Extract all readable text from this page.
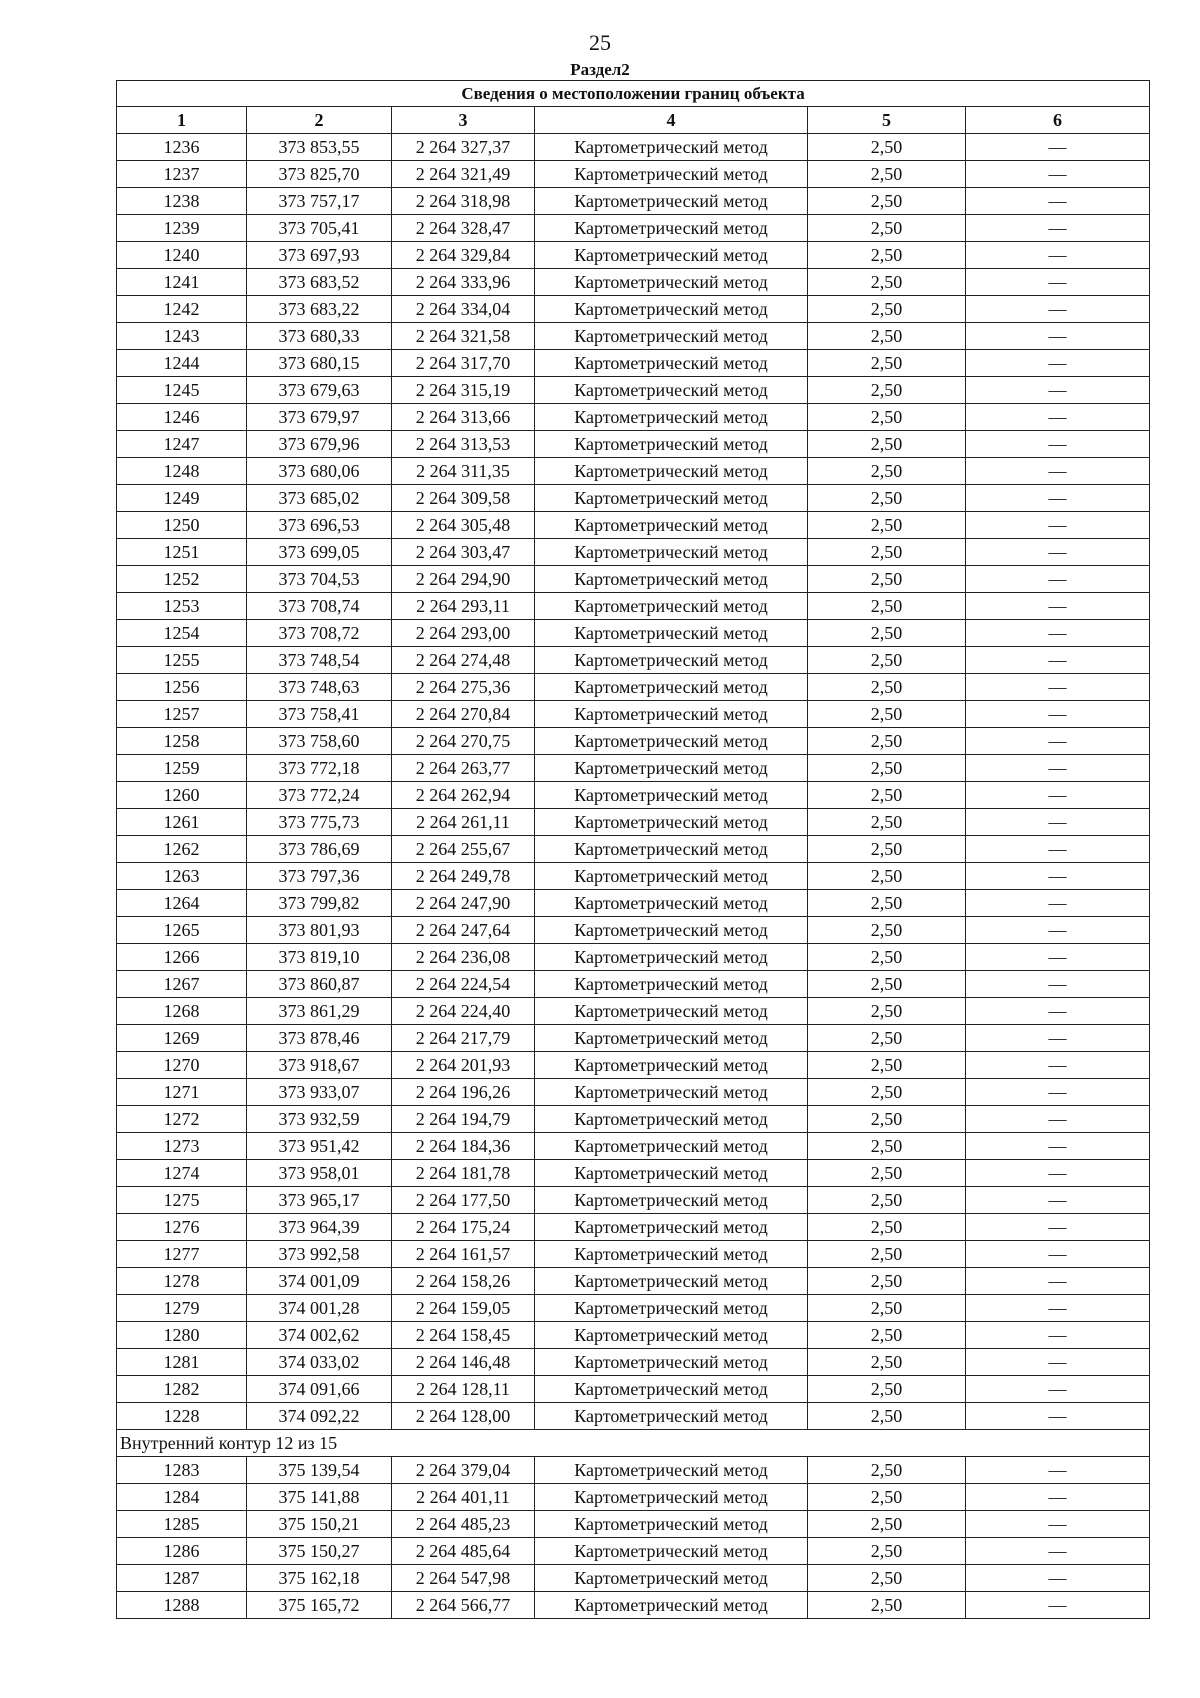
25
Раздел2
Сведения о местоположении границ объекта					
1	2	3	4	5	6
1236	373 853,55	2 264 327,37	Картометрический метод	2,50	—
1237	373 825,70	2 264 321,49	Картометрический метод	2,50	—
1238	373 757,17	2 264 318,98	Картометрический метод	2,50	—
1239	373 705,41	2 264 328,47	Картометрический метод	2,50	—
1240	373 697,93	2 264 329,84	Картометрический метод	2,50	—
1241	373 683,52	2 264 333,96	Картометрический метод	2,50	—
1242	373 683,22	2 264 334,04	Картометрический метод	2,50	—
1243	373 680,33	2 264 321,58	Картометрический метод	2,50	—
1244	373 680,15	2 264 317,70	Картометрический метод	2,50	—
1245	373 679,63	2 264 315,19	Картометрический метод	2,50	—
1246	373 679,97	2 264 313,66	Картометрический метод	2,50	—
1247	373 679,96	2 264 313,53	Картометрический метод	2,50	—
1248	373 680,06	2 264 311,35	Картометрический метод	2,50	—
1249	373 685,02	2 264 309,58	Картометрический метод	2,50	—
1250	373 696,53	2 264 305,48	Картометрический метод	2,50	—
1251	373 699,05	2 264 303,47	Картометрический метод	2,50	—
1252	373 704,53	2 264 294,90	Картометрический метод	2,50	—
1253	373 708,74	2 264 293,11	Картометрический метод	2,50	—
1254	373 708,72	2 264 293,00	Картометрический метод	2,50	—
1255	373 748,54	2 264 274,48	Картометрический метод	2,50	—
1256	373 748,63	2 264 275,36	Картометрический метод	2,50	—
1257	373 758,41	2 264 270,84	Картометрический метод	2,50	—
1258	373 758,60	2 264 270,75	Картометрический метод	2,50	—
1259	373 772,18	2 264 263,77	Картометрический метод	2,50	—
1260	373 772,24	2 264 262,94	Картометрический метод	2,50	—
1261	373 775,73	2 264 261,11	Картометрический метод	2,50	—
1262	373 786,69	2 264 255,67	Картометрический метод	2,50	—
1263	373 797,36	2 264 249,78	Картометрический метод	2,50	—
1264	373 799,82	2 264 247,90	Картометрический метод	2,50	—
1265	373 801,93	2 264 247,64	Картометрический метод	2,50	—
1266	373 819,10	2 264 236,08	Картометрический метод	2,50	—
1267	373 860,87	2 264 224,54	Картометрический метод	2,50	—
1268	373 861,29	2 264 224,40	Картометрический метод	2,50	—
1269	373 878,46	2 264 217,79	Картометрический метод	2,50	—
1270	373 918,67	2 264 201,93	Картометрический метод	2,50	—
1271	373 933,07	2 264 196,26	Картометрический метод	2,50	—
1272	373 932,59	2 264 194,79	Картометрический метод	2,50	—
1273	373 951,42	2 264 184,36	Картометрический метод	2,50	—
1274	373 958,01	2 264 181,78	Картометрический метод	2,50	—
1275	373 965,17	2 264 177,50	Картометрический метод	2,50	—
1276	373 964,39	2 264 175,24	Картометрический метод	2,50	—
1277	373 992,58	2 264 161,57	Картометрический метод	2,50	—
1278	374 001,09	2 264 158,26	Картометрический метод	2,50	—
1279	374 001,28	2 264 159,05	Картометрический метод	2,50	—
1280	374 002,62	2 264 158,45	Картометрический метод	2,50	—
1281	374 033,02	2 264 146,48	Картометрический метод	2,50	—
1282	374 091,66	2 264 128,11	Картометрический метод	2,50	—
1228	374 092,22	2 264 128,00	Картометрический метод	2,50	—
Внутренний контур 12 из 15					
1283	375 139,54	2 264 379,04	Картометрический метод	2,50	—
1284	375 141,88	2 264 401,11	Картометрический метод	2,50	—
1285	375 150,21	2 264 485,23	Картометрический метод	2,50	—
1286	375 150,27	2 264 485,64	Картометрический метод	2,50	—
1287	375 162,18	2 264 547,98	Картометрический метод	2,50	—
1288	375 165,72	2 264 566,77	Картометрический метод	2,50	—
